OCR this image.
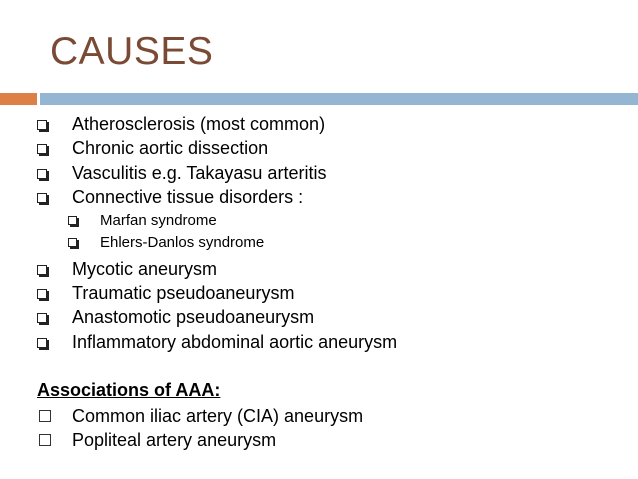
CAUSES
Atherosclerosis (most common)
Chronic aortic dissection
Vasculitis e.g. Takayasu arteritis
Connective tissue disorders :
Marfan syndrome
Ehlers-Danlos syndrome
Mycotic aneurysm
Traumatic pseudoaneurysm
Anastomotic pseudoaneurysm
Inflammatory abdominal aortic aneurysm
Associations of AAA:
Common iliac artery (CIA) aneurysm
Popliteal artery aneurysm
